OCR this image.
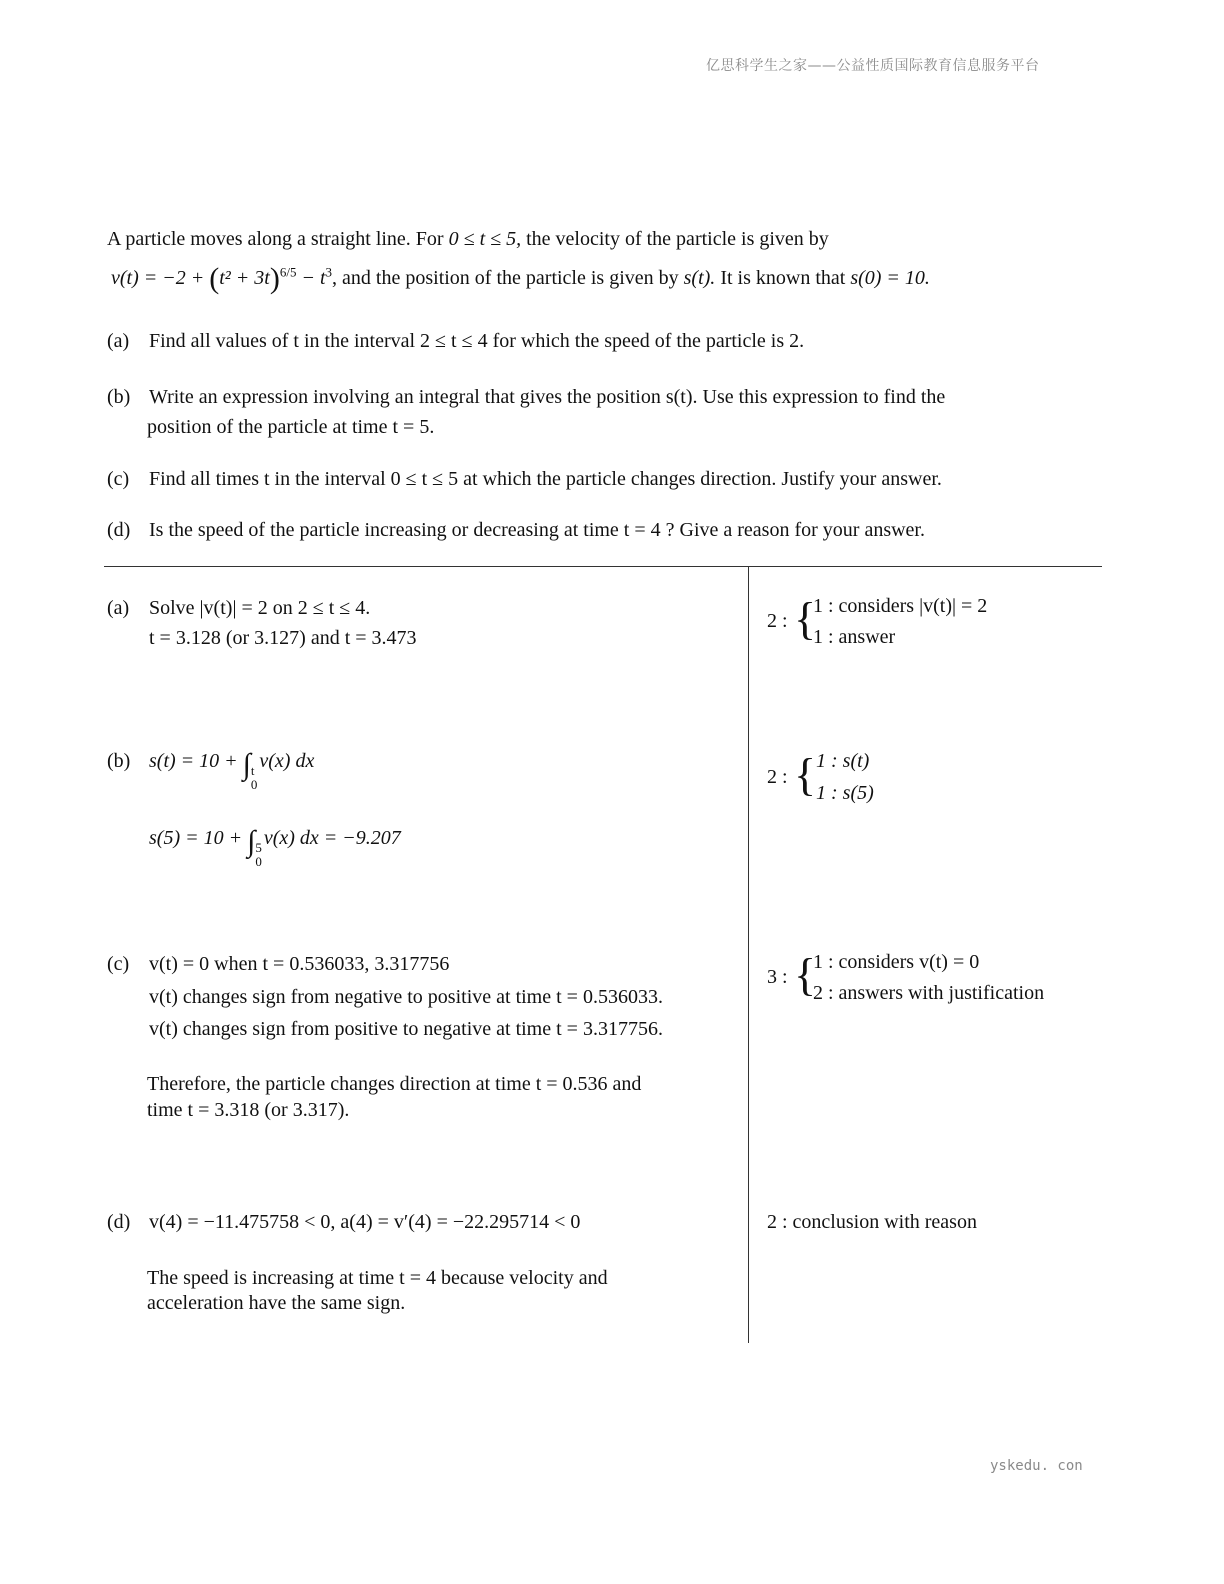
亿思科学生之家——公益性质国际教育信息服务平台
yskedu. con
A particle moves along a straight line. For 0 ≤ t ≤ 5, the velocity of the particle is given by
$v(t) = -2 + (t^2 + 3t)^{6/5} - t^3$, and the position of the particle is given by s(t). It is known that s(0) = 10.
(a) Find all values of t in the interval 2 ≤ t ≤ 4 for which the speed of the particle is 2.
(b) Write an expression involving an integral that gives the position s(t). Use this expression to find the
position of the particle at time t = 5.
(c) Find all times t in the interval 0 ≤ t ≤ 5 at which the particle changes direction. Justify your answer.
(d) Is the speed of the particle increasing or decreasing at time t = 4 ? Give a reason for your answer.
(a) Solve |v(t)| = 2 on 2 ≤ t ≤ 4.
t = 3.128 (or 3.127) and t = 3.473
(b) s(t) = 10 + ∫ t
0
v(x) dx
s(5) = 10 + ∫ 5
0
v(x) dx = −9.207
(c) v(t) = 0 when t = 0.536033, 3.317756
v(t) changes sign from negative to positive at time t = 0.536033.
v(t) changes sign from positive to negative at time t = 3.317756.
Therefore, the particle changes direction at time t = 0.536 and
time t = 3.318 (or 3.317).
(d) v(4) = −11.475758 < 0, a(4) = v′(4) = −22.295714 < 0
The speed is increasing at time t = 4 because velocity and
acceleration have the same sign.
2 : {
1 : considers |v(t)| = 2
1 : answer
2 : { 1 : s(t)
1 : s(5)
3 : {
1 : considers v(t) = 0
2 : answers with justification
2 : conclusion with reason
